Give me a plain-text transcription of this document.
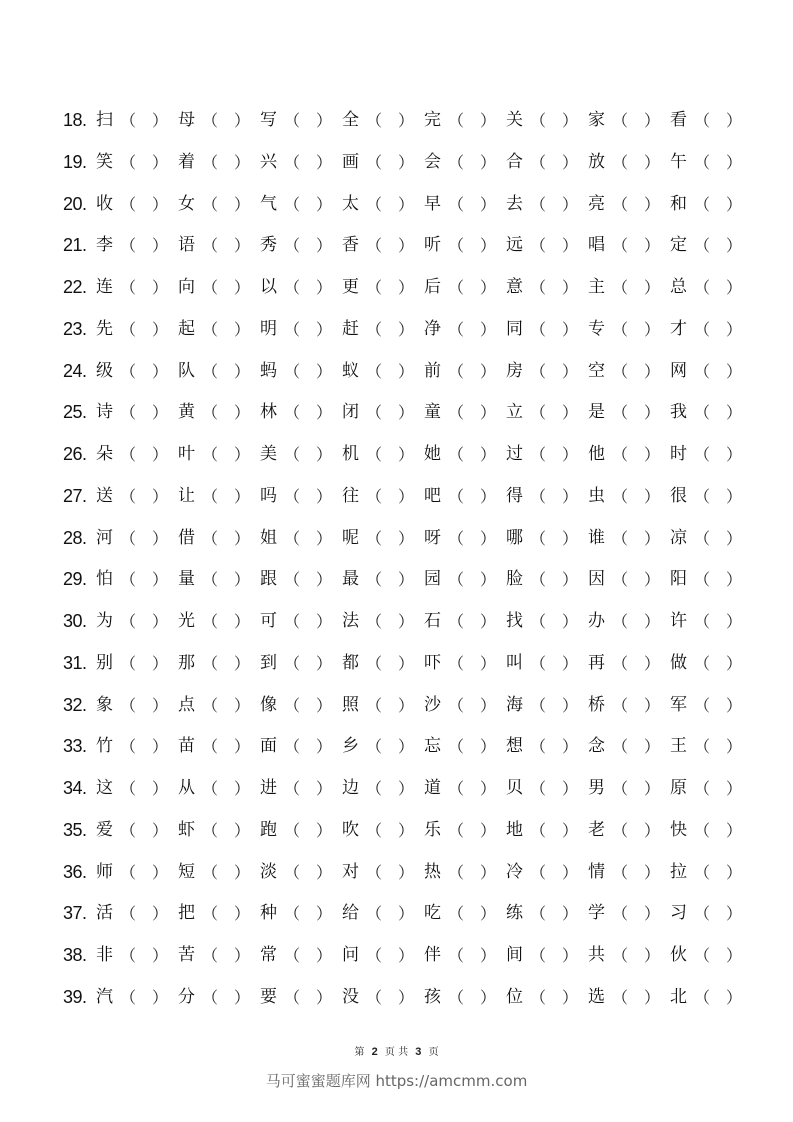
18. 扫 （ ） 母 （ ） 写 （ ） 全 （ ） 完 （ ） 关 （ ） 家 （ ） 看 （ ）
19. 笑 （ ） 着 （ ） 兴 （ ） 画 （ ） 会 （ ） 合 （ ） 放 （ ） 午 （ ）
20. 收 （ ） 女 （ ） 气 （ ） 太 （ ） 早 （ ） 去 （ ） 亮 （ ） 和 （ ）
21. 李 （ ） 语 （ ） 秀 （ ） 香 （ ） 听 （ ） 远 （ ） 唱 （ ） 定 （ ）
22. 连 （ ） 向 （ ） 以 （ ） 更 （ ） 后 （ ） 意 （ ） 主 （ ） 总 （ ）
23. 先 （ ） 起 （ ） 明 （ ） 赶 （ ） 净 （ ） 同 （ ） 专 （ ） 才 （ ）
24. 级 （ ） 队 （ ） 蚂 （ ） 蚁 （ ） 前 （ ） 房 （ ） 空 （ ） 网 （ ）
25. 诗 （ ） 黄 （ ） 林 （ ） 闭 （ ） 童 （ ） 立 （ ） 是 （ ） 我 （ ）
26. 朵 （ ） 叶 （ ） 美 （ ） 机 （ ） 她 （ ） 过 （ ） 他 （ ） 时 （ ）
27. 送 （ ） 让 （ ） 吗 （ ） 往 （ ） 吧 （ ） 得 （ ） 虫 （ ） 很 （ ）
28. 河 （ ） 借 （ ） 姐 （ ） 呢 （ ） 呀 （ ） 哪 （ ） 谁 （ ） 凉 （ ）
29. 怕 （ ） 量 （ ） 跟 （ ） 最 （ ） 园 （ ） 脸 （ ） 因 （ ） 阳 （ ）
30. 为 （ ） 光 （ ） 可 （ ） 法 （ ） 石 （ ） 找 （ ） 办 （ ） 许 （ ）
31. 别 （ ） 那 （ ） 到 （ ） 都 （ ） 吓 （ ） 叫 （ ） 再 （ ） 做 （ ）
32. 象 （ ） 点 （ ） 像 （ ） 照 （ ） 沙 （ ） 海 （ ） 桥 （ ） 军 （ ）
33. 竹 （ ） 苗 （ ） 面 （ ） 乡 （ ） 忘 （ ） 想 （ ） 念 （ ） 王 （ ）
34. 这 （ ） 从 （ ） 进 （ ） 边 （ ） 道 （ ） 贝 （ ） 男 （ ） 原 （ ）
35. 爱 （ ） 虾 （ ） 跑 （ ） 吹 （ ） 乐 （ ） 地 （ ） 老 （ ） 快 （ ）
36. 师 （ ） 短 （ ） 淡 （ ） 对 （ ） 热 （ ） 冷 （ ） 情 （ ） 拉 （ ）
37. 活 （ ） 把 （ ） 种 （ ） 给 （ ） 吃 （ ） 练 （ ） 学 （ ） 习 （ ）
38. 非 （ ） 苦 （ ） 常 （ ） 问 （ ） 伴 （ ） 间 （ ） 共 （ ） 伙 （ ）
39. 汽 （ ） 分 （ ） 要 （ ） 没 （ ） 孩 （ ） 位 （ ） 选 （ ） 北 （ ）
第 2 页 共 3 页
马可蜜蜜题库网 https://amcmm.com
